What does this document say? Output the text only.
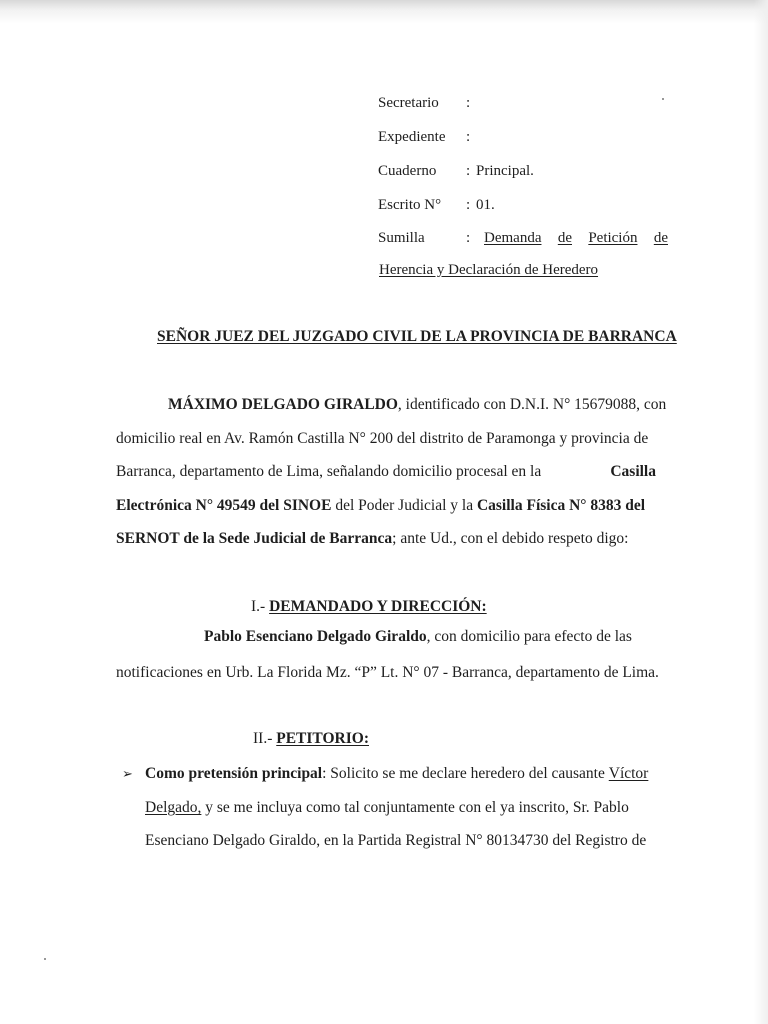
Secretario :
Expediente :
Cuaderno : Principal.
Escrito N° : 01.
Sumilla	: Demanda de Petición de
Herencia y Declaración de Heredero
SEÑOR JUEZ DEL JUZGADO CIVIL DE LA PROVINCIA DE BARRANCA
MÁXIMO DELGADO GIRALDO , identificado con D.N.I. N° 15679088, con
domicilio real en Av. Ramón Castilla N° 200 del distrito de Paramonga y provincia de
Barranca, departamento de Lima, señalando domicilio procesal en la	Casilla
Electrónica N° 49549 del SINOE del Poder Judicial y la Casilla Física N° 8383 del
SERNOT de la Sede Judicial de Barranca ; ante Ud., con el debido respeto digo:
I.- DEMANDADO Y DIRECCIÓN:
Pablo Esenciano Delgado Giraldo , con domicilio para efecto de las
notificaciones en Urb. La Florida Mz. “P” Lt. N° 07 - Barranca, departamento de Lima.
II.- PETITORIO:
➢ Como pretensión principal : Solicito se me declare heredero del causante Víctor
Delgado, y se me incluya como tal conjuntamente con el ya inscrito, Sr. Pablo
Esenciano Delgado Giraldo, en la Partida Registral N° 80134730 del Registro de
